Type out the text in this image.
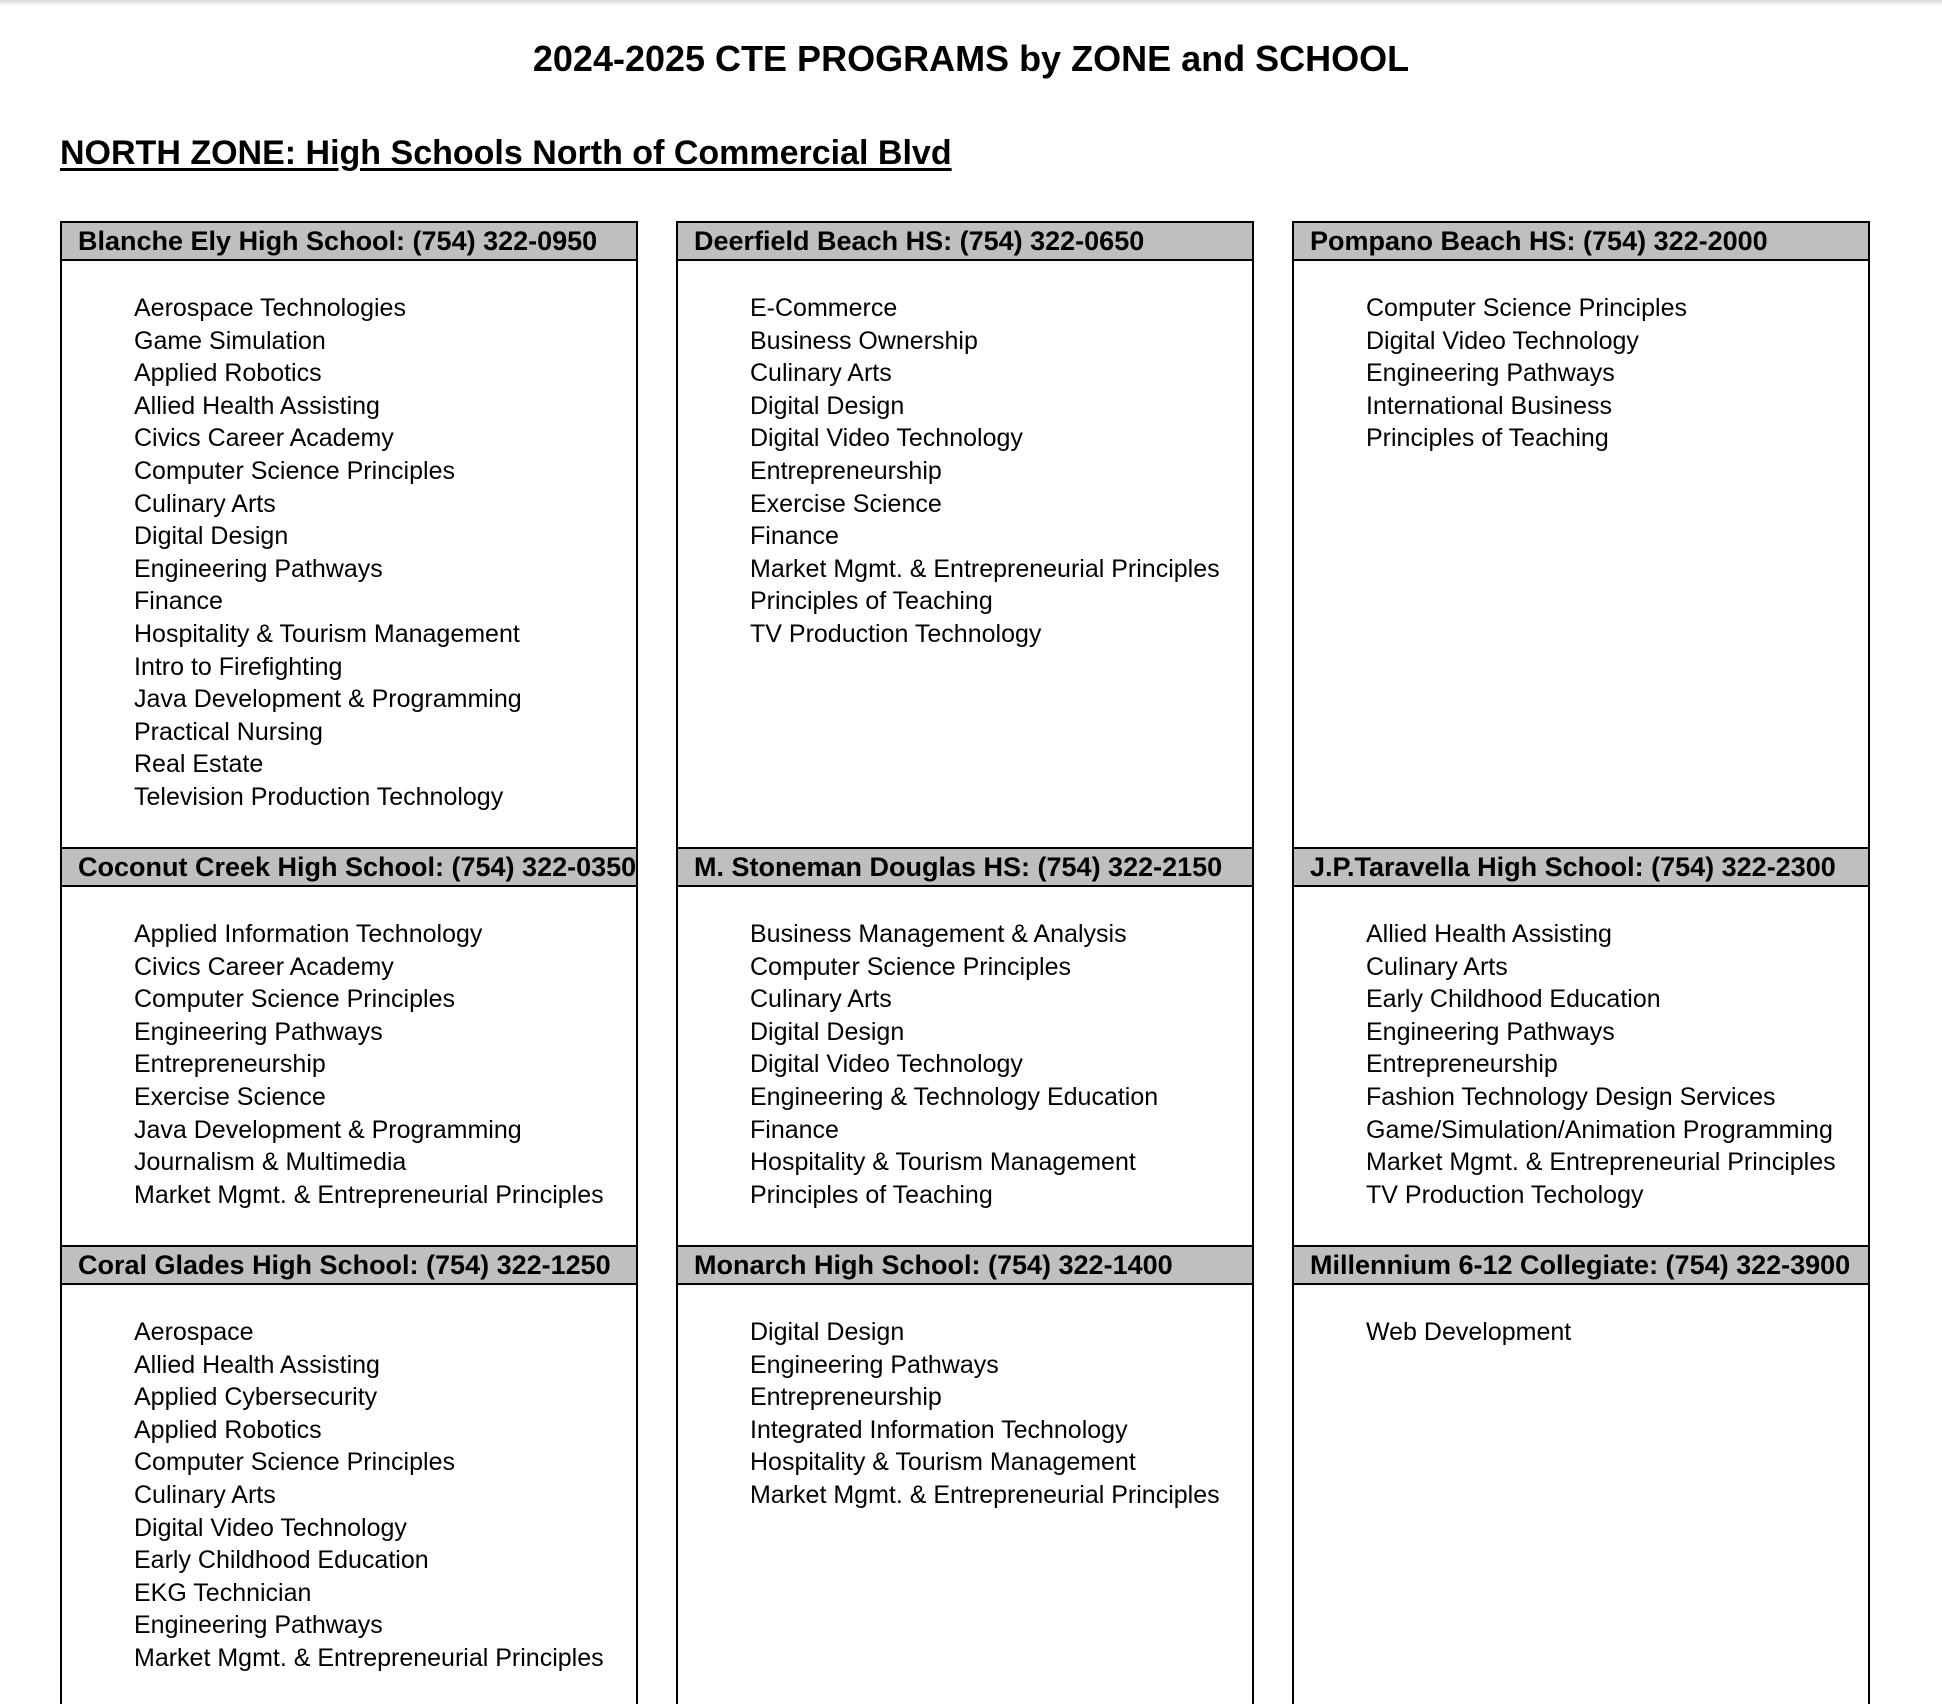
2024-2025 CTE PROGRAMS by ZONE and SCHOOL
NORTH ZONE: High Schools North of Commercial Blvd
Blanche Ely High School: (754) 322-0950
Aerospace Technologies
Game Simulation
Applied Robotics
Allied Health Assisting
Civics Career Academy
Computer Science Principles
Culinary Arts
Digital Design
Engineering Pathways
Finance
Hospitality & Tourism Management
Intro to Firefighting
Java Development & Programming
Practical Nursing
Real Estate
Television Production Technology
Coconut Creek High School: (754) 322-0350
Applied Information Technology
Civics Career Academy
Computer Science Principles
Engineering Pathways
Entrepreneurship
Exercise Science
Java Development & Programming
Journalism & Multimedia
Market Mgmt. & Entrepreneurial Principles
Coral Glades High School: (754) 322-1250
Aerospace
Allied Health Assisting
Applied Cybersecurity
Applied Robotics
Computer Science Principles
Culinary Arts
Digital Video Technology
Early Childhood Education
EKG Technician
Engineering Pathways
Market Mgmt. & Entrepreneurial Principles
Deerfield Beach HS: (754) 322-0650
E-Commerce
Business Ownership
Culinary Arts
Digital Design
Digital Video Technology
Entrepreneurship
Exercise Science
Finance
Market Mgmt. & Entrepreneurial Principles
Principles of Teaching
TV Production Technology
M. Stoneman Douglas HS: (754) 322-2150
Business Management & Analysis
Computer Science Principles
Culinary Arts
Digital Design
Digital Video Technology
Engineering & Technology Education
Finance
Hospitality & Tourism Management
Principles of Teaching
Monarch High School: (754) 322-1400
Digital Design
Engineering Pathways
Entrepreneurship
Integrated Information Technology
Hospitality & Tourism Management
Market Mgmt. & Entrepreneurial Principles
Pompano Beach HS: (754) 322-2000
Computer Science Principles
Digital Video Technology
Engineering Pathways
International Business
Principles of Teaching
J.P.Taravella High School: (754) 322-2300
Allied Health Assisting
Culinary Arts
Early Childhood Education
Engineering Pathways
Entrepreneurship
Fashion Technology Design Services
Game/Simulation/Animation Programming
Market Mgmt. & Entrepreneurial Principles
TV Production Techology
Millennium 6-12 Collegiate: (754) 322-3900
Web Development
